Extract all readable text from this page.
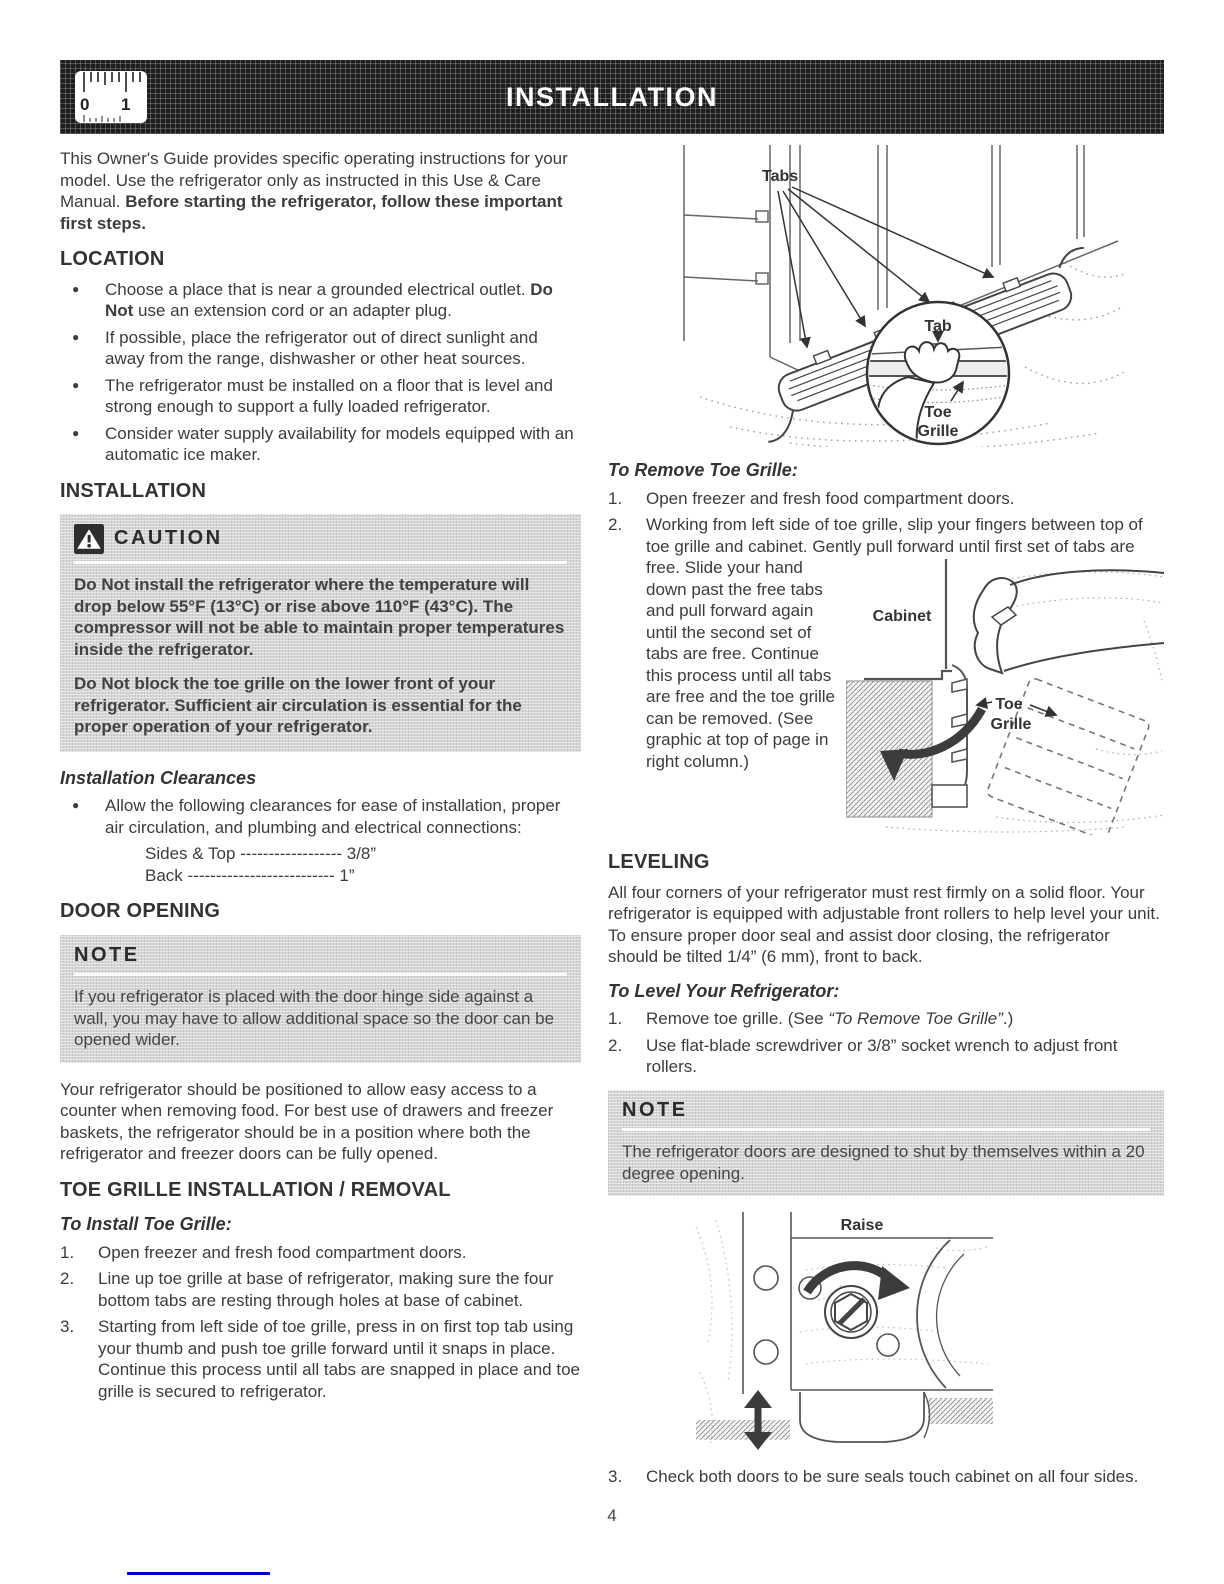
0 1	INSTALLATION

This Owner's Guide provides specific operating instructions for your model. Use the refrigerator only as instructed in this Use & Care Manual. Before starting the refrigerator, follow these important first steps.

LOCATION
●	Choose a place that is near a grounded electrical outlet. Do Not use an extension cord or an adapter plug.
●	If possible, place the refrigerator out of direct sunlight and away from the range, dishwasher or other heat sources.
●	The refrigerator must be installed on a floor that is level and strong enough to support a fully loaded refrigerator.
●	Consider water supply availability for models equipped with an automatic ice maker.
INSTALLATION
CAUTION

Do Not install the refrigerator where the temperature will drop below 55°F (13°C) or rise above 110°F (43°C). The compressor will not be able to maintain proper temperatures inside the refrigerator.

Do Not block the toe grille on the lower front of your refrigerator. Sufficient air circulation is essential for the proper operation of your refrigerator.

Installation Clearances
●	Allow the following clearances for ease of installation, proper air circulation, and plumbing and electrical connections:

Sides & Top ------------------ 3/8”

Back -------------------------- 1”

DOOR OPENING
NOTE

If you refrigerator is placed with the door hinge side against a wall, you may have to allow additional space so the door can be opened wider.

Your refrigerator should be positioned to allow easy access to a counter when removing food. For best use of drawers and freezer baskets, the refrigerator should be in a position where both the refrigerator and freezer doors can be fully opened.

TOE GRILLE INSTALLATION / REMOVAL
To Install Toe Grille:
1.	Open freezer and fresh food compartment doors.
2.	Line up toe grille at base of refrigerator, making sure the four bottom tabs are resting through holes at base of cabinet.
3.	Starting from left side of toe grille, press in on first top tab using your thumb and push toe grille forward until it snaps in place. Continue this process until all tabs are snapped in place and toe grille is secured to refrigerator.
Tabs
Tab
Toe
Grille
To Remove Toe Grille:
1.	Open freezer and fresh food compartment doors.
2.	Working from left side of toe grille, slip your fingers between top of toe grille and cabinet. Gently pull
Toe
Grille
Cabinet
forward until first set of tabs are free. Slide your hand down past the free tabs and pull forward again until the second set of tabs are free. Continue this process until all tabs are free and the toe grille can be removed. (See graphic at top of page in right column.)
LEVELING

All four corners of your refrigerator must rest firmly on a solid floor. Your refrigerator is equipped with adjustable front rollers to help level your unit. To ensure proper door seal and assist door closing, the refrigerator should be tilted 1/4” (6 mm), front to back.

To Level Your Refrigerator:
1.	Remove toe grille. (See “To Remove Toe Grille”.)
2.	Use flat-blade screwdriver or 3/8” socket wrench to adjust front rollers.
NOTE

The refrigerator doors are designed to shut by themselves within a 20 degree opening.

Raise
3.	Check both doors to be sure seals touch cabinet on all four sides.
4
